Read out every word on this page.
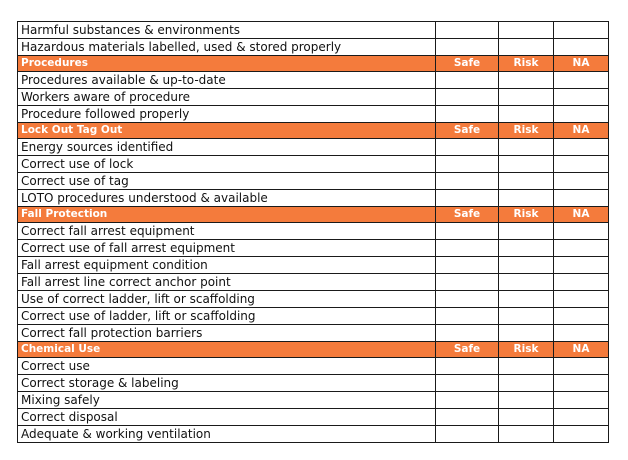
Harmful substances & environments			
Hazardous materials labelled, used & stored properly			
Procedures	Safe	Risk	NA
Procedures available & up-to-date			
Workers aware of procedure			
Procedure followed properly			
Lock Out Tag Out	Safe	Risk	NA
Energy sources identified			
Correct use of lock			
Correct use of tag			
LOTO procedures understood & available			
Fall Protection	Safe	Risk	NA
Correct fall arrest equipment			
Correct use of fall arrest equipment			
Fall arrest equipment condition			
Fall arrest line correct anchor point			
Use of correct ladder, lift or scaffolding			
Correct use of ladder, lift or scaffolding			
Correct fall protection barriers			
Chemical Use	Safe	Risk	NA
Correct use			
Correct storage & labeling			
Mixing safely			
Correct disposal			
Adequate & working ventilation			
